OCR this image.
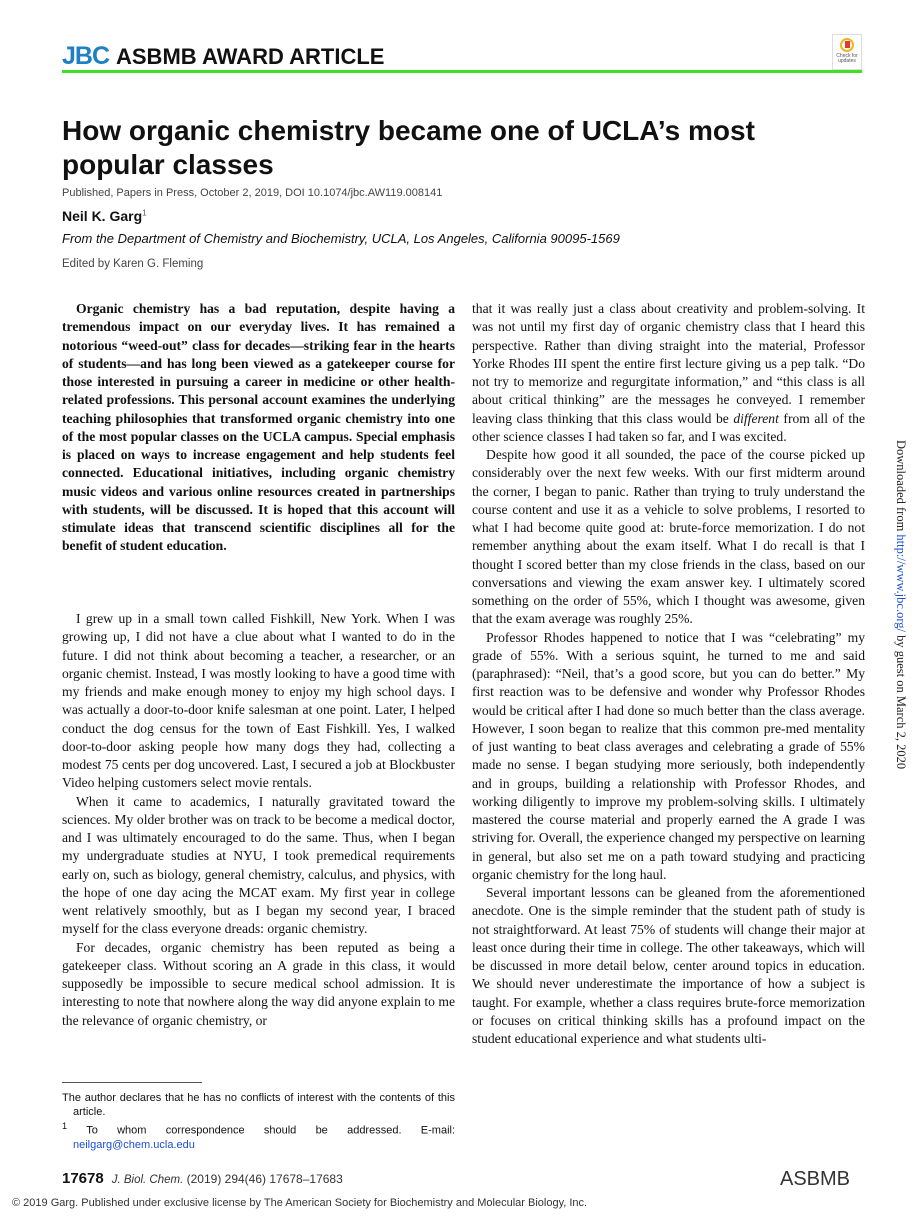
JBC ASBMB AWARD ARTICLE	Check for updates
How organic chemistry became one of UCLA’s most popular classes
Published, Papers in Press, October 2, 2019, DOI 10.1074/jbc.AW119.008141
Neil K. Garg$^1$
From the Department of Chemistry and Biochemistry, UCLA, Los Angeles, California 90095-1569
Edited by Karen G. Fleming
Organic chemistry has a bad reputation, despite having a tremendous impact on our everyday lives. It has remained a notorious “weed-out” class for decades—striking fear in the hearts of students—and has long been viewed as a gatekeeper course for those interested in pursuing a career in medicine or other health-related professions. This personal account examines the underlying teaching philosophies that transformed organic chemistry into one of the most popular classes on the UCLA campus. Special emphasis is placed on ways to increase engagement and help students feel connected. Educational initiatives, including organic chemistry music videos and various online resources created in partnerships with students, will be discussed. It is hoped that this account will stimulate ideas that transcend scientific disciplines all for the benefit of student education.

I grew up in a small town called Fishkill, New York. When I was growing up, I did not have a clue about what I wanted to do in the future. I did not think about becoming a teacher, a researcher, or an organic chemist. Instead, I was mostly looking to have a good time with my friends and make enough money to enjoy my high school days. I was actually a door-to-door knife salesman at one point. Later, I helped conduct the dog census for the town of East Fishkill. Yes, I walked door-to-door asking people how many dogs they had, collecting a modest 75 cents per dog uncovered. Last, I secured a job at Blockbuster Video helping customers select movie rentals.

When it came to academics, I naturally gravitated toward the sciences. My older brother was on track to be become a medical doctor, and I was ultimately encouraged to do the same. Thus, when I began my undergraduate studies at NYU, I took premedical requirements early on, such as biology, general chemistry, calculus, and physics, with the hope of one day acing the MCAT exam. My first year in college went relatively smoothly, but as I began my second year, I braced myself for the class everyone dreads: organic chemistry.

For decades, organic chemistry has been reputed as being a gatekeeper class. Without scoring an A grade in this class, it would supposedly be impossible to secure medical school admission. It is interesting to note that nowhere along the way did anyone explain to me the relevance of organic chemistry, or

that it was really just a class about creativity and problem-solving. It was not until my first day of organic chemistry class that I heard this perspective. Rather than diving straight into the material, Professor Yorke Rhodes III spent the entire first lecture giving us a pep talk. “Do not try to memorize and regurgitate information,” and “this class is all about critical thinking” are the messages he conveyed. I remember leaving class thinking that this class would be different from all of the other science classes I had taken so far, and I was excited.

Despite how good it all sounded, the pace of the course picked up considerably over the next few weeks. With our first midterm around the corner, I began to panic. Rather than trying to truly understand the course content and use it as a vehicle to solve problems, I resorted to what I had become quite good at: brute-force memorization. I do not remember anything about the exam itself. What I do recall is that I thought I scored better than my close friends in the class, based on our conversations and viewing the exam answer key. I ultimately scored something on the order of 55%, which I thought was awesome, given that the exam average was roughly 25%.

Professor Rhodes happened to notice that I was “celebrating” my grade of 55%. With a serious squint, he turned to me and said (paraphrased): “Neil, that’s a good score, but you can do better.” My first reaction was to be defensive and wonder why Professor Rhodes would be critical after I had done so much better than the class average. However, I soon began to realize that this common pre-med mentality of just wanting to beat class averages and celebrating a grade of 55% made no sense. I began studying more seriously, both independently and in groups, building a relationship with Professor Rhodes, and working diligently to improve my problem-solving skills. I ultimately mastered the course material and properly earned the A grade I was striving for. Overall, the experience changed my perspective on learning in general, but also set me on a path toward studying and practicing organic chemistry for the long haul.

Several important lessons can be gleaned from the aforementioned anecdote. One is the simple reminder that the student path of study is not straightforward. At least 75% of students will change their major at least once during their time in college. The other takeaways, which will be discussed in more detail below, center around topics in education. We should never underestimate the importance of how a subject is taught. For example, whether a class requires brute-force memorization or focuses on critical thinking skills has a profound impact on the student educational experience and what students ulti-

The author declares that he has no conflicts of interest with the contents of this article.

$^1$ To whom correspondence should be addressed. E-mail: neilgarg@chem.ucla.edu

17678 J. Biol. Chem. (2019) 294(46) 17678–17683	ASBMB
© 2019 Garg. Published under exclusive license by The American Society for Biochemistry and Molecular Biology, Inc.
Downloaded from http://www.jbc.org/ by guest on March 2, 2020
